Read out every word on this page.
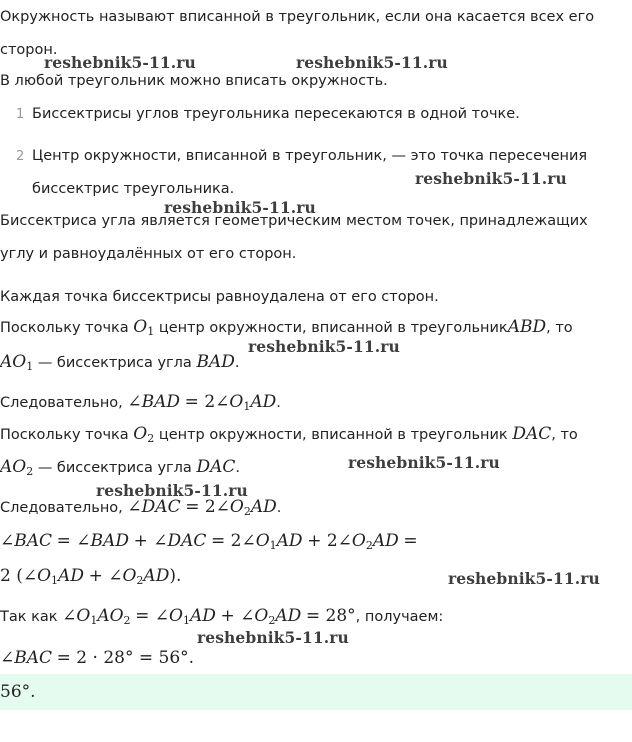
Окружность называют вписанной в треугольник, если она касается всех его
сторон.
В любой треугольник можно вписать окружность.
1 Биссектрисы углов треугольника пересекаются в одной точке.
2 Центр окружности, вписанной в треугольник, — это точка пересечения
биссектрис треугольника.
Биссектриса угла является геометрическим местом точек, принадлежащих
углу и равноудалённых от его сторон.
Каждая точка биссектрисы равноудалена от его сторон.
Поскольку точка $O_1$ центр окружности, вписанной в треугольникABD, то
$AO_1$ — биссектриса угла BAD.
Следовательно, ∠BAD = $2\angle O_1AD$.
Поскольку точка $O_2$ центр окружности, вписанной в треугольник DAC, то
$AO_2$ — биссектриса угла DAC.
Следовательно, ∠DAC = $2\angle O_2AD$.
∠BAC = ∠BAD + ∠DAC = $2\angle O_1AD$ + $2\angle O_2AD$ =
2 ($\angle O_1AD$ + $\angle O_2AD$).
Так как $\angle O_1AO_2$ = $\angle O_1AD$ + $\angle O_2AD = 28^\circ$, получаем:
∠BAC = 2 · 28° = 56°.
56°.
reshebnik5-11.ru	reshebnik5-11.ru
reshebnik5-11.ru
reshebnik5-11.ru
reshebnik5-11.ru
reshebnik5-11.ru
reshebnik5-11.ru
reshebnik5-11.ru
reshebnik5-11.ru
